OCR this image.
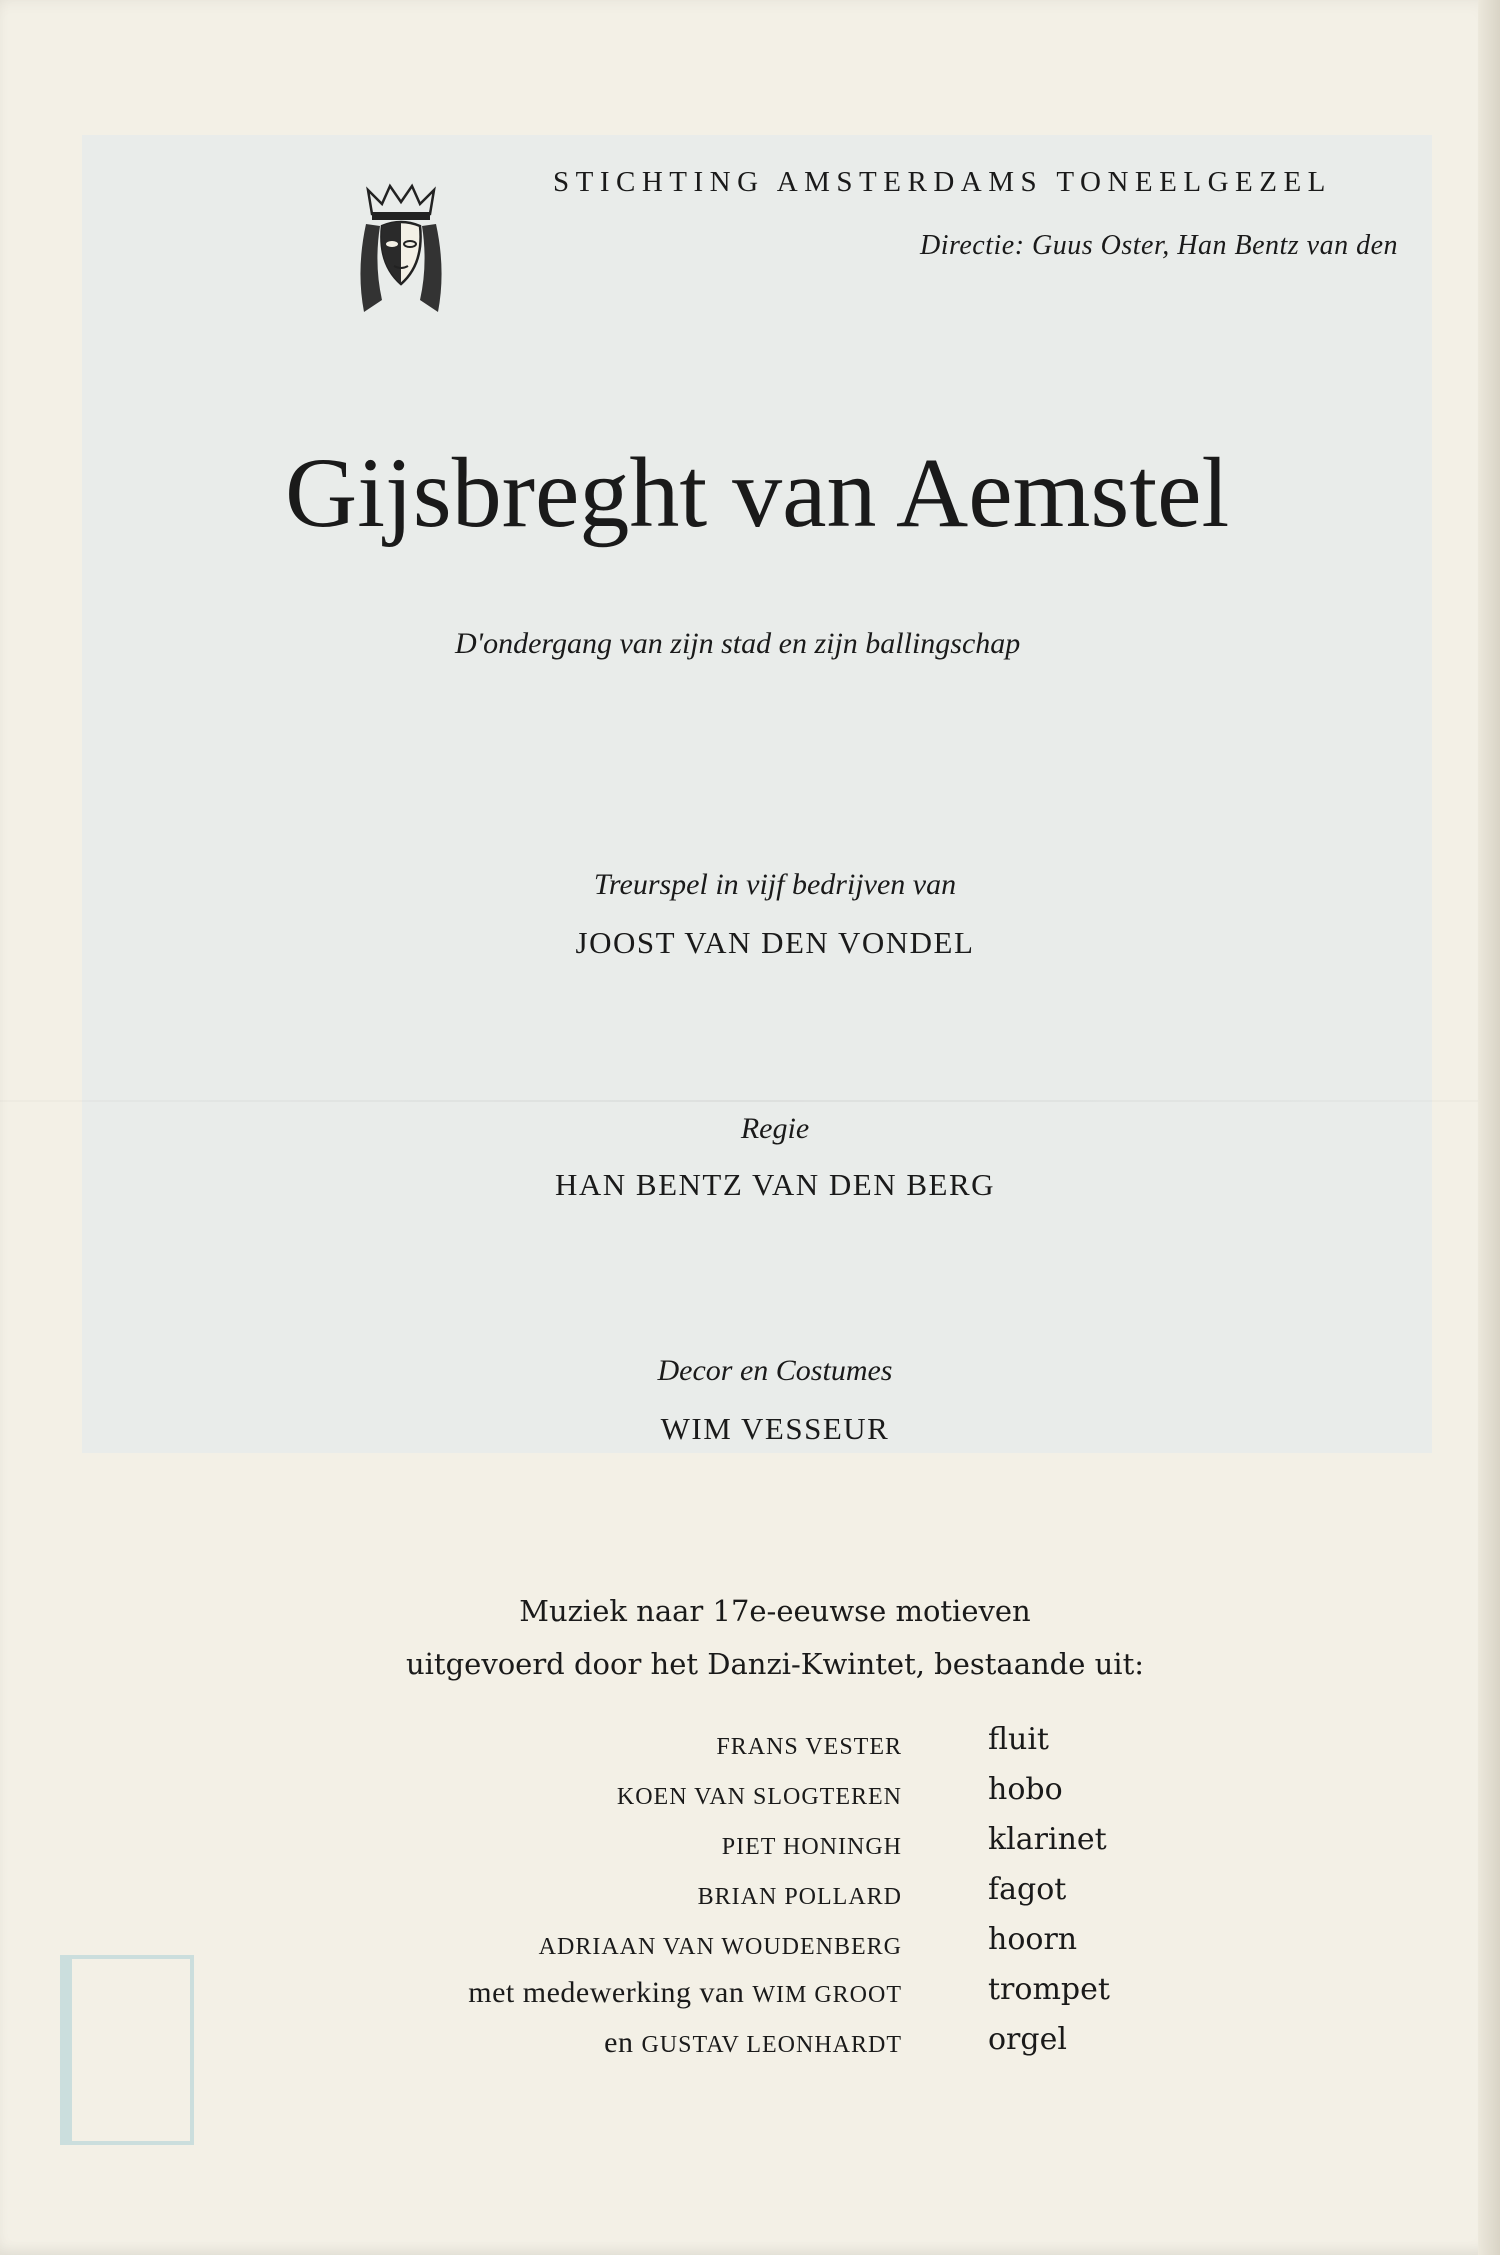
STICHTING AMSTERDAMS TONEELGEZEL

Directie: Guus Oster, Han Bentz van den

Gijsbreght van Aemstel

D'ondergang van zijn stad en zijn ballingschap

Treurspel in vijf bedrijven van

JOOST VAN DEN VONDEL

Regie

HAN BENTZ VAN DEN BERG

Decor en Costumes

WIM VESSEUR

Muziek naar 17e-eeuwse motieven

uitgevoerd door het Danzi-Kwintet, bestaande uit:

FRANS VESTER	fluit

KOEN VAN SLOGTEREN	hobo

PIET HONINGH	klarinet

BRIAN POLLARD	fagot

ADRIAAN VAN WOUDENBERG	hoorn

met medewerking van WIM GROOT	trompet

en GUSTAV LEONHARDT	orgel
